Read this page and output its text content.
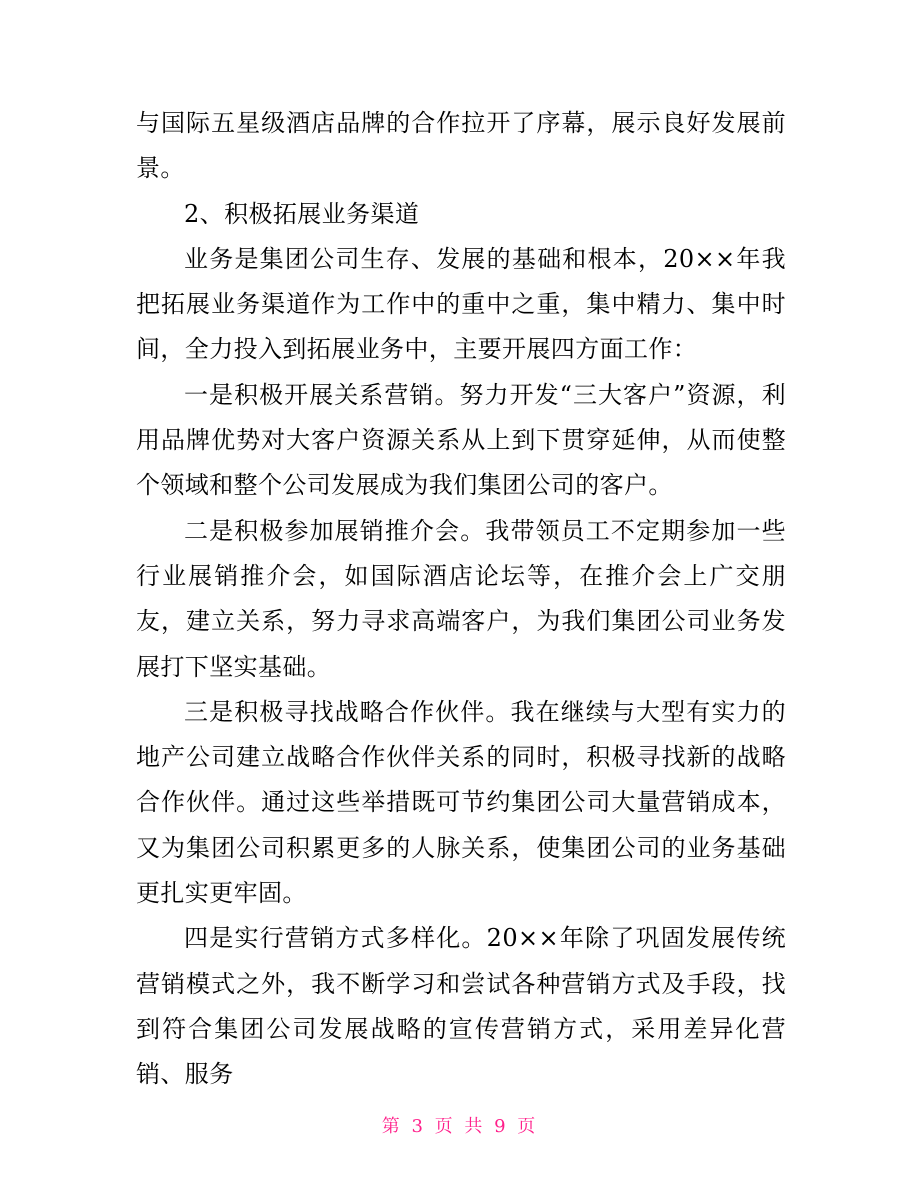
与国际五星级酒店品牌的合作拉开了序幕，展示良好发展前景。

2、积极拓展业务渠道

业务是集团公司生存、发展的基础和根本，20××年我把拓展业务渠道作为工作中的重中之重，集中精力、集中时间，全力投入到拓展业务中，主要开展四方面工作：

一是积极开展关系营销。努力开发“三大客户”资源，利用品牌优势对大客户资源关系从上到下贯穿延伸，从而使整个领域和整个公司发展成为我们集团公司的客户。

二是积极参加展销推介会。我带领员工不定期参加一些行业展销推介会，如国际酒店论坛等，在推介会上广交朋友，建立关系，努力寻求高端客户，为我们集团公司业务发展打下坚实基础。

三是积极寻找战略合作伙伴。我在继续与大型有实力的地产公司建立战略合作伙伴关系的同时，积极寻找新的战略合作伙伴。通过这些举措既可节约集团公司大量营销成本，又为集团公司积累更多的人脉关系，使集团公司的业务基础更扎实更牢固。

四是实行营销方式多样化。20××年除了巩固发展传统营销模式之外，我不断学习和尝试各种营销方式及手段，找到符合集团公司发展战略的宣传营销方式，采用差异化营销、服务

第 3 页 共 9 页
